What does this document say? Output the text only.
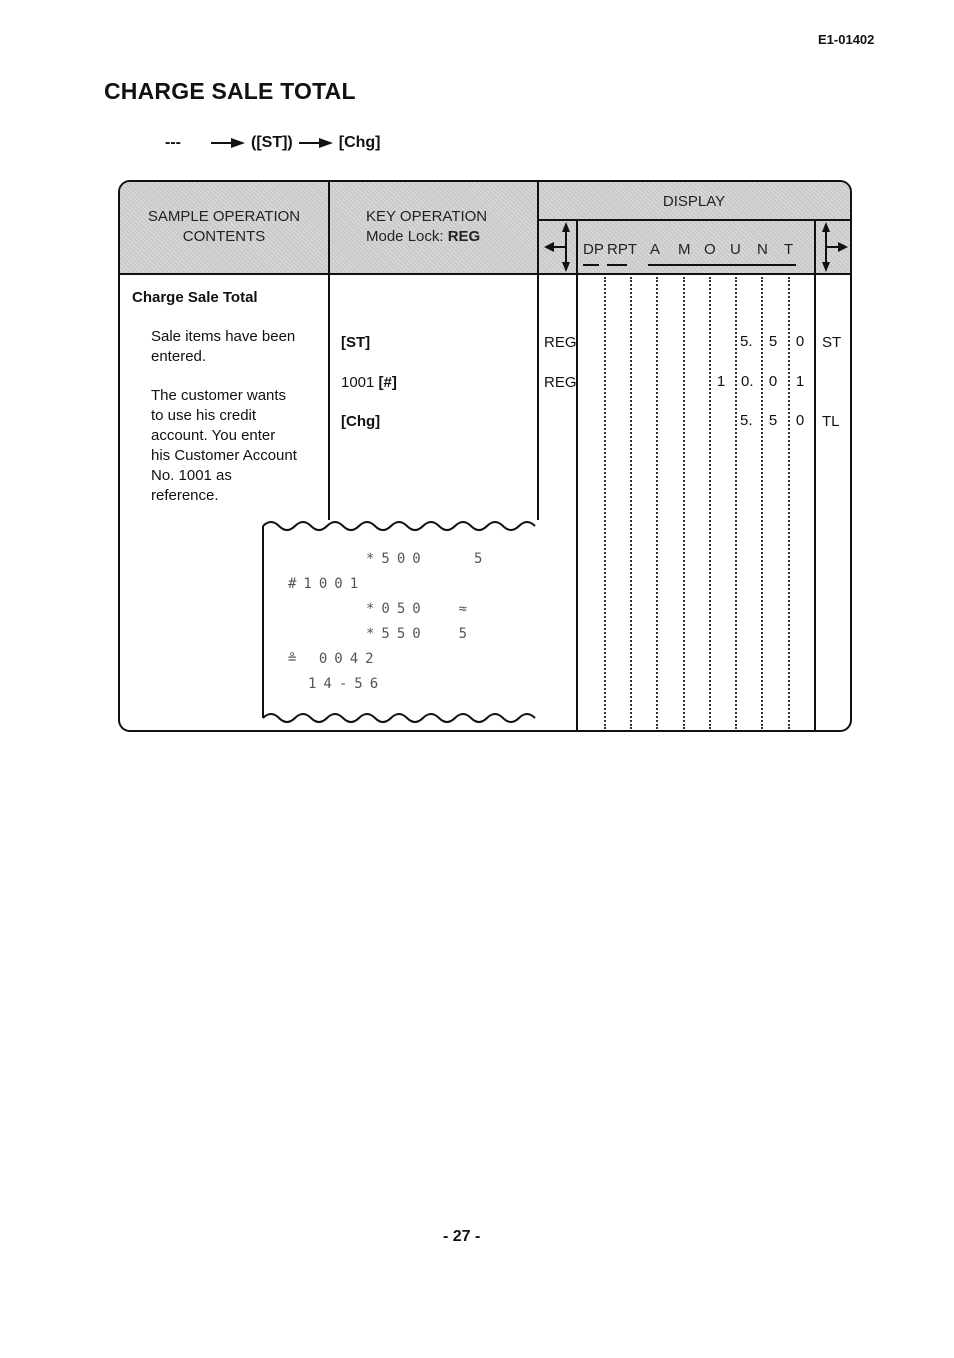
E1-01402
CHARGE SALE TOTAL
---	([ST])	[Chg]
SAMPLE OPERATION
CONTENTS
KEY OPERATION
Mode Lock: REG
DISPLAY
DP RPT A M O U N T
Charge Sale Total
Sale items have been
entered.
The customer wants
to use his credit
account. You enter
his Customer Account
No. 1001 as
reference.
[ST]
1001 [#]
[Chg]
REG
REG
5. 5 0 ST
1 0. 0 1
5. 5 0 TL
*500   5
#1001
*050  ≈
*550  5
≗ 0042
14-56
- 27 -
